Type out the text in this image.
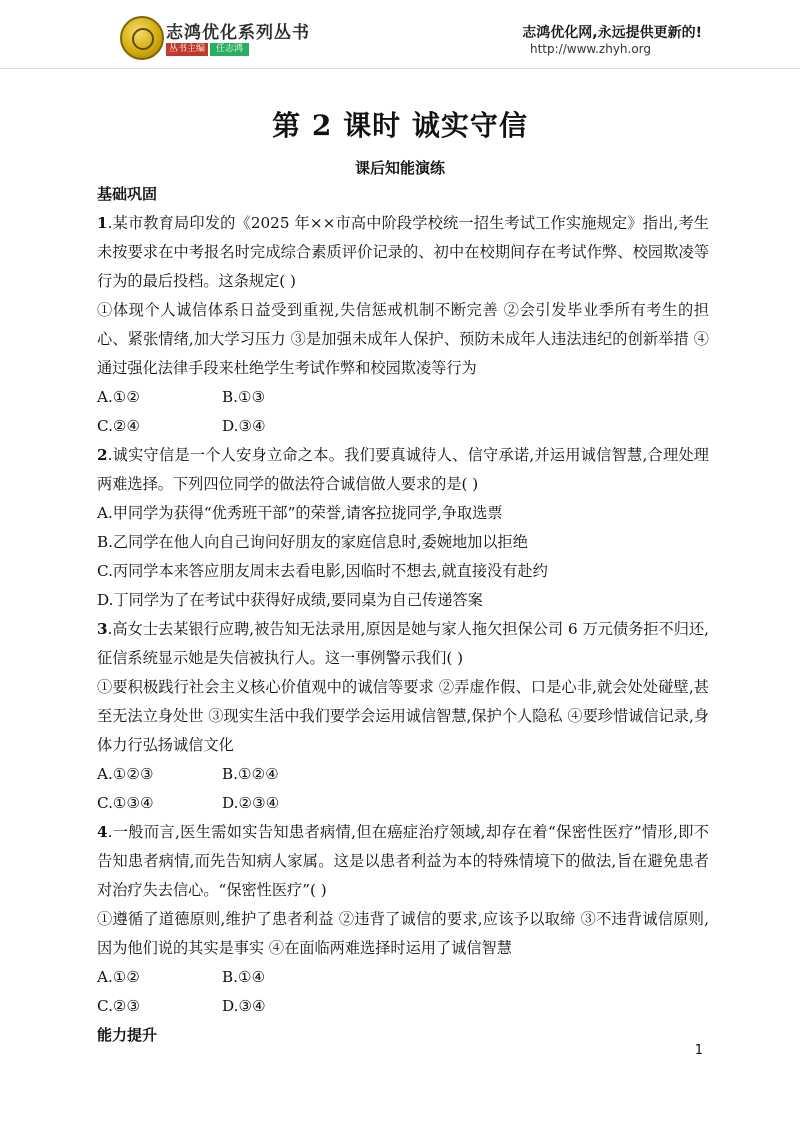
志鸿优化系列丛书
丛书主编	任志鸿
志鸿优化网,永远提供更新的!
http://www.zhyh.org
第 2 课时 诚实守信
课后知能演练
基础巩固
1.某市教育局印发的《2025 年××市高中阶段学校统一招生考试工作实施规定》指出,考生未按要求在中考报名时完成综合素质评价记录的、初中在校期间存在考试作弊、校园欺凌等行为的最后投档。这条规定( )
①体现个人诚信体系日益受到重视,失信惩戒机制不断完善 ②会引发毕业季所有考生的担心、紧张情绪,加大学习压力 ③是加强未成年人保护、预防未成年人违法违纪的创新举措 ④通过强化法律手段来杜绝学生考试作弊和校园欺凌等行为
A.①②	B.①③
C.②④	D.③④
2.诚实守信是一个人安身立命之本。我们要真诚待人、信守承诺,并运用诚信智慧,合理处理两难选择。下列四位同学的做法符合诚信做人要求的是( )
A.甲同学为获得“优秀班干部”的荣誉,请客拉拢同学,争取选票
B.乙同学在他人向自己询问好朋友的家庭信息时,委婉地加以拒绝
C.丙同学本来答应朋友周末去看电影,因临时不想去,就直接没有赴约
D.丁同学为了在考试中获得好成绩,要同桌为自己传递答案
3.高女士去某银行应聘,被告知无法录用,原因是她与家人拖欠担保公司 6 万元债务拒不归还,征信系统显示她是失信被执行人。这一事例警示我们( )
①要积极践行社会主义核心价值观中的诚信等要求 ②弄虚作假、口是心非,就会处处碰壁,甚至无法立身处世 ③现实生活中我们要学会运用诚信智慧,保护个人隐私 ④要珍惜诚信记录,身体力行弘扬诚信文化
A.①②③	B.①②④
C.①③④	D.②③④
4.一般而言,医生需如实告知患者病情,但在癌症治疗领域,却存在着“保密性医疗”情形,即不告知患者病情,而先告知病人家属。这是以患者利益为本的特殊情境下的做法,旨在避免患者对治疗失去信心。“保密性医疗”( )
①遵循了道德原则,维护了患者利益 ②违背了诚信的要求,应该予以取缔 ③不违背诚信原则,因为他们说的其实是事实 ④在面临两难选择时运用了诚信智慧
A.①②	B.①④
C.②③	D.③④
能力提升
1
